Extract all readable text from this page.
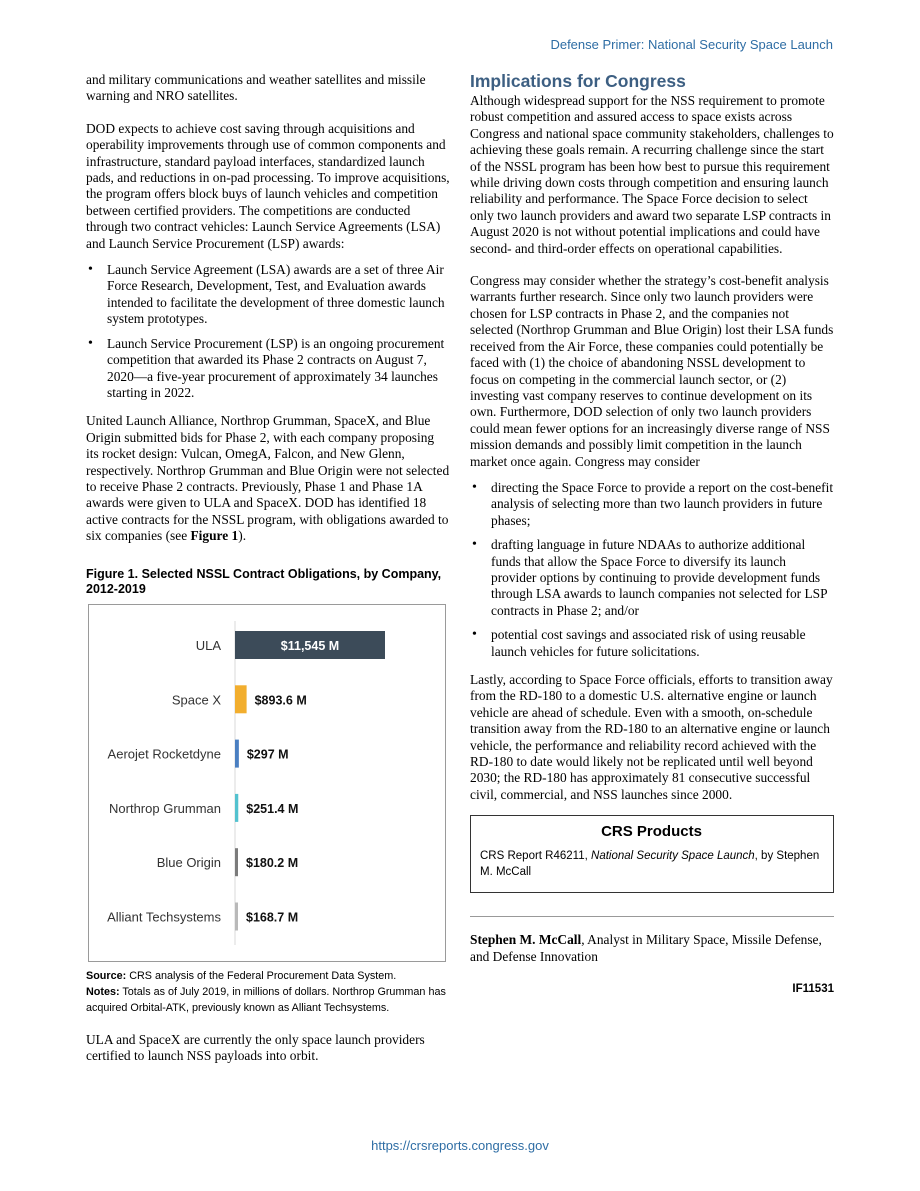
Defense Primer: National Security Space Launch

and military communications and weather satellites and missile warning and NRO satellites.

DOD expects to achieve cost saving through acquisitions and operability improvements through use of common components and infrastructure, standard payload interfaces, standardized launch pads, and reductions in on-pad processing. To improve acquisitions, the program offers block buys of launch vehicles and competition between certified providers. The competitions are conducted through two contract vehicles: Launch Service Agreements (LSA) and Launch Service Procurement (LSP) awards:

• Launch Service Agreement (LSA) awards are a set of three Air Force Research, Development, Test, and Evaluation awards intended to facilitate the development of three domestic launch system prototypes.
• Launch Service Procurement (LSP) is an ongoing procurement competition that awarded its Phase 2 contracts on August 7, 2020—a five-year procurement of approximately 34 launches starting in 2022.

United Launch Alliance, Northrop Grumman, SpaceX, and Blue Origin submitted bids for Phase 2, with each company proposing its rocket design: Vulcan, OmegA, Falcon, and New Glenn, respectively. Northrop Grumman and Blue Origin were not selected to receive Phase 2 contracts. Previously, Phase 1 and Phase 1A awards were given to ULA and SpaceX. DOD has identified 18 active contracts for the NSSL program, with obligations awarded to six companies (see Figure 1).

Figure 1. Selected NSSL Contract Obligations, by Company, 2012-2019
ULA	$11,545 M
Space X	$893.6 M
Aerojet Rocketdyne $297 M
Northrop Grumman $251.4 M
Blue Origin $180.2 M
Alliant Techsystems $168.7 M
Source: CRS analysis of the Federal Procurement Data System.
Notes: Totals as of July 2019, in millions of dollars. Northrop Grumman has acquired Orbital-ATK, previously known as Alliant Techsystems.

ULA and SpaceX are currently the only space launch providers certified to launch NSS payloads into orbit.

Implications for Congress

Although widespread support for the NSS requirement to promote robust competition and assured access to space exists across Congress and national space community stakeholders, challenges to achieving these goals remain. A recurring challenge since the start of the NSSL program has been how best to pursue this requirement while driving down costs through competition and ensuring launch reliability and performance. The Space Force decision to select only two launch providers and award two separate LSP contracts in August 2020 is not without potential implications and could have second- and third-order effects on operational capabilities.

Congress may consider whether the strategy’s cost-benefit analysis warrants further research. Since only two launch providers were chosen for LSP contracts in Phase 2, and the companies not selected (Northrop Grumman and Blue Origin) lost their LSA funds received from the Air Force, these companies could potentially be faced with (1) the choice of abandoning NSSL development to focus on competing in the commercial launch sector, or (2) investing vast company reserves to continue development on its own. Furthermore, DOD selection of only two launch providers could mean fewer options for an increasingly diverse range of NSS mission demands and possibly limit competition in the launch market once again. Congress may consider

• directing the Space Force to provide a report on the cost-benefit analysis of selecting more than two launch providers in future phases;
• drafting language in future NDAAs to authorize additional funds that allow the Space Force to diversify its launch provider options by continuing to provide development funds through LSA awards to launch companies not selected for LSP contracts in Phase 2; and/or
• potential cost savings and associated risk of using reusable launch vehicles for future solicitations.

Lastly, according to Space Force officials, efforts to transition away from the RD-180 to a domestic U.S. alternative engine or launch vehicle are ahead of schedule. Even with a smooth, on-schedule transition away from the RD-180 to an alternative engine or launch vehicle, the performance and reliability record achieved with the RD-180 to date would likely not be replicated until well beyond 2030; the RD-180 has approximately 81 consecutive successful civil, commercial, and NSS launches since 2000.

CRS Products
CRS Report R46211, National Security Space Launch, by Stephen M. McCall
Stephen M. McCall, Analyst in Military Space, Missile Defense, and Defense Innovation
IF11531
https://crsreports.congress.gov
